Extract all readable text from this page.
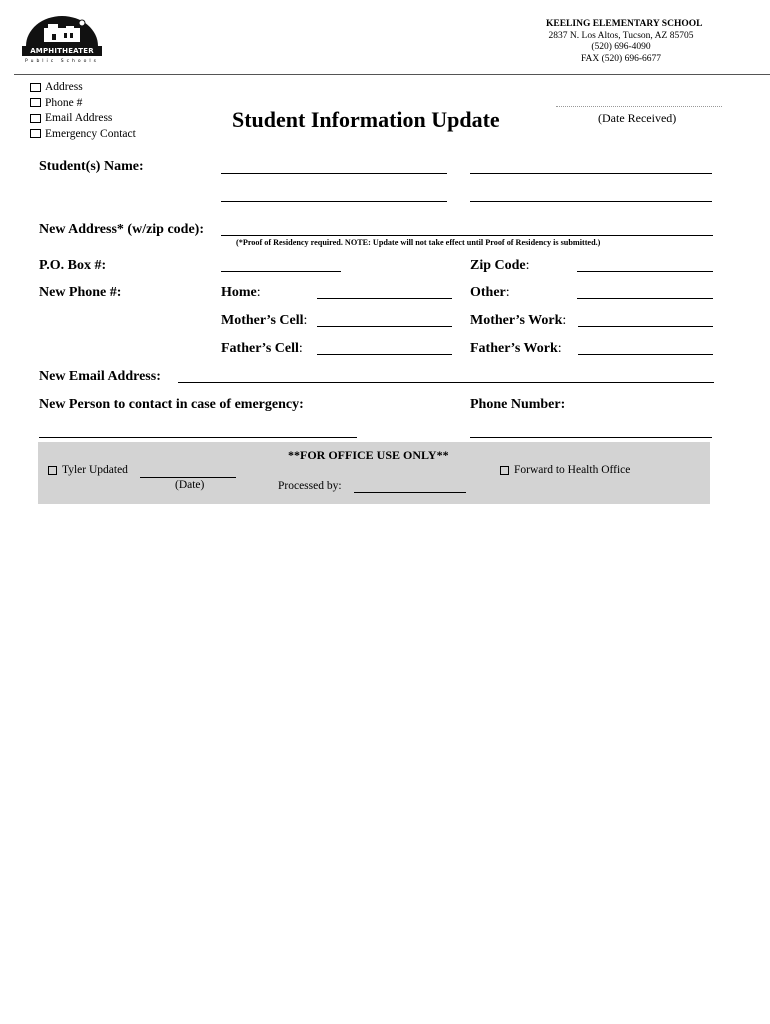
AMPHITHEATER
Public Schools
KEELING ELEMENTARY SCHOOL
2837 N. Los Altos, Tucson, AZ 85705
(520) 696-4090
FAX (520) 696-6677
Address
Phone #
Email Address
Emergency Contact
Student Information Update	(Date Received)
Student(s) Name:
New Address* (w/zip code):
(*Proof of Residency required. NOTE: Update will not take effect until Proof of Residency is submitted.)
P.O. Box #:	Zip Code:
New Phone #:	Home:	Other:
Mother’s Cell:	Mother’s Work:
Father’s Cell:	Father’s Work:
New Email Address:
New Person to contact in case of emergency:	Phone Number:
**FOR OFFICE USE ONLY**
Tyler Updated
(Date)	Processed by:
Forward to Health Office
